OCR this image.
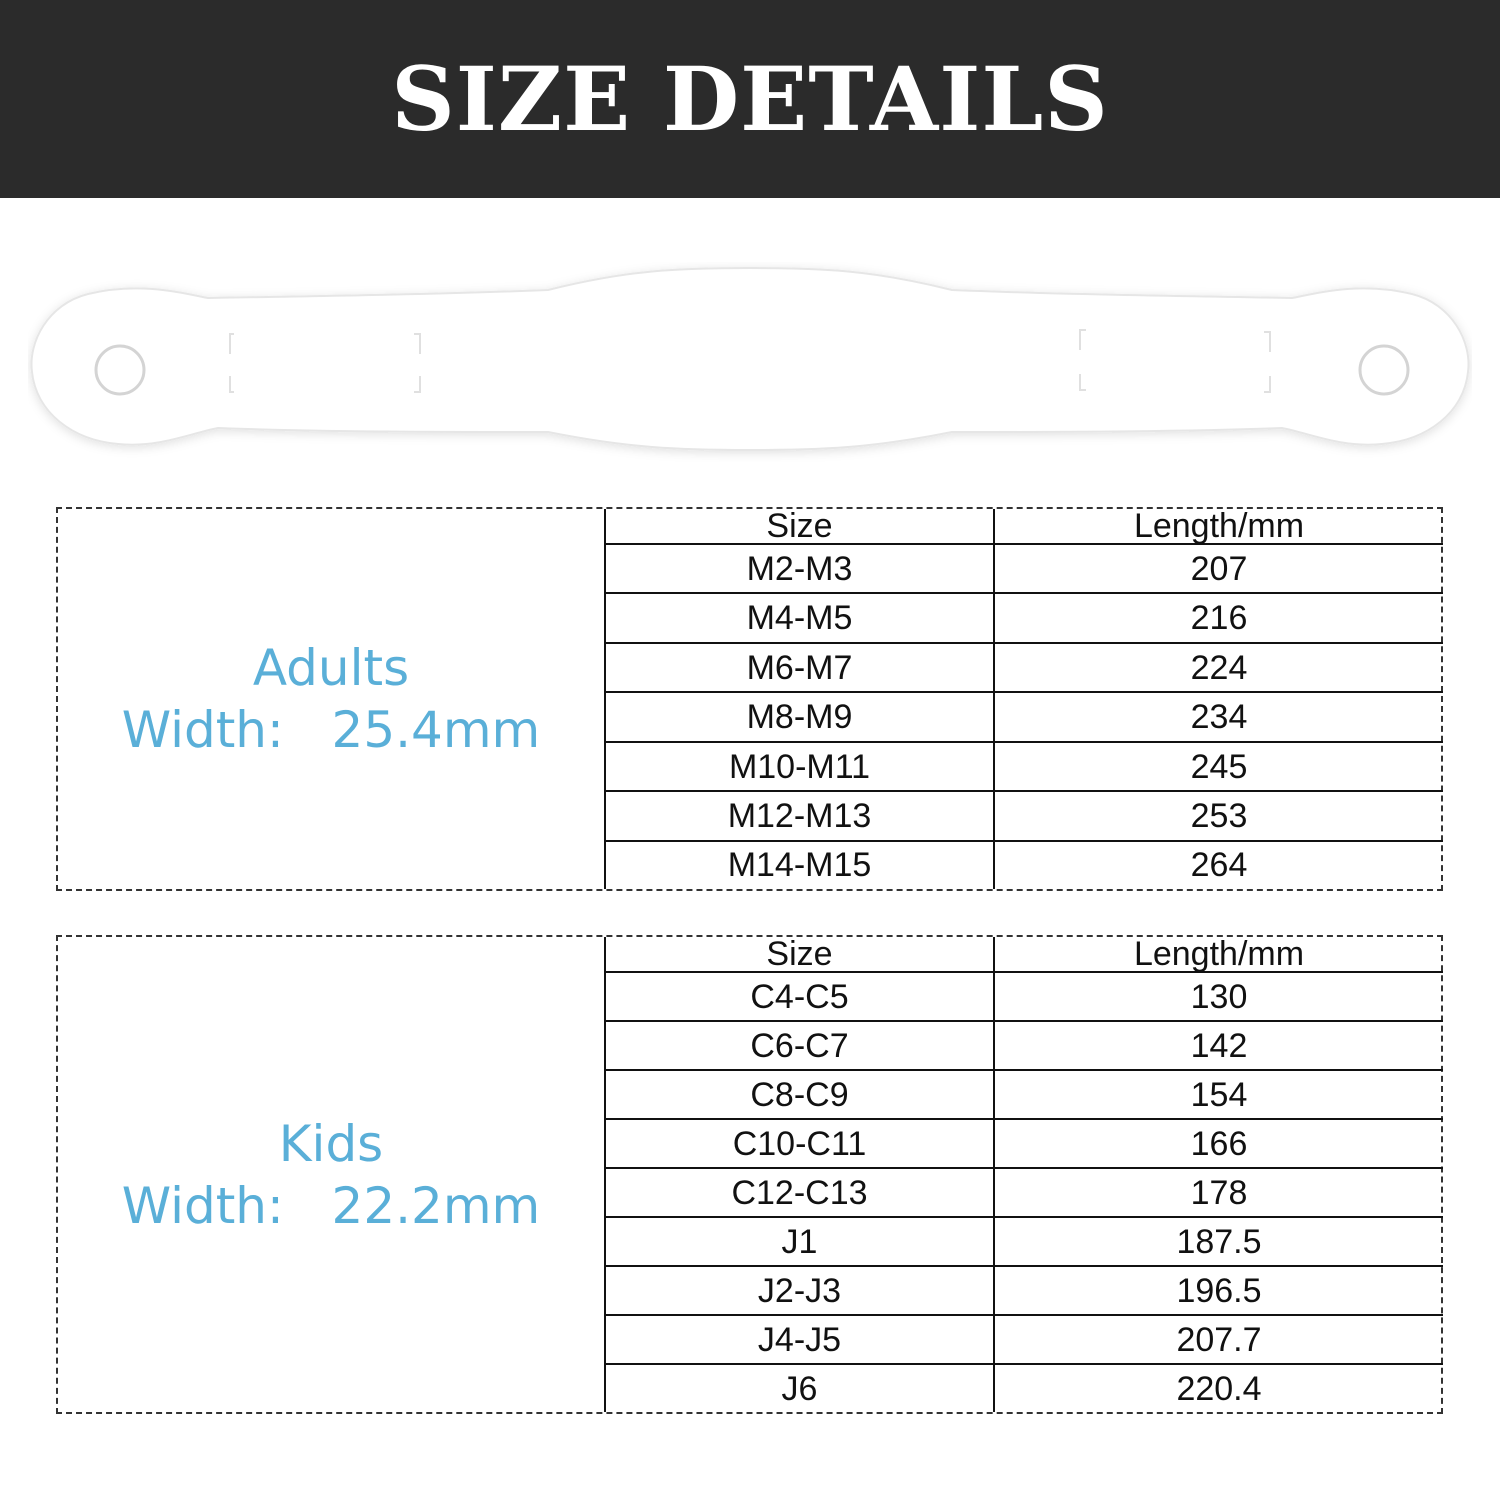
SIZE DETAILS
Adults
Width:   25.4mm
Size	Length/mm
M2-M3	207
M4-M5	216
M6-M7	224
M8-M9	234
M10-M11	245
M12-M13	253
M14-M15	264
Kids
Width:   22.2mm
Size	Length/mm
C4-C5	130
C6-C7	142
C8-C9	154
C10-C11	166
C12-C13	178
J1	187.5
J2-J3	196.5
J4-J5	207.7
J6	220.4
